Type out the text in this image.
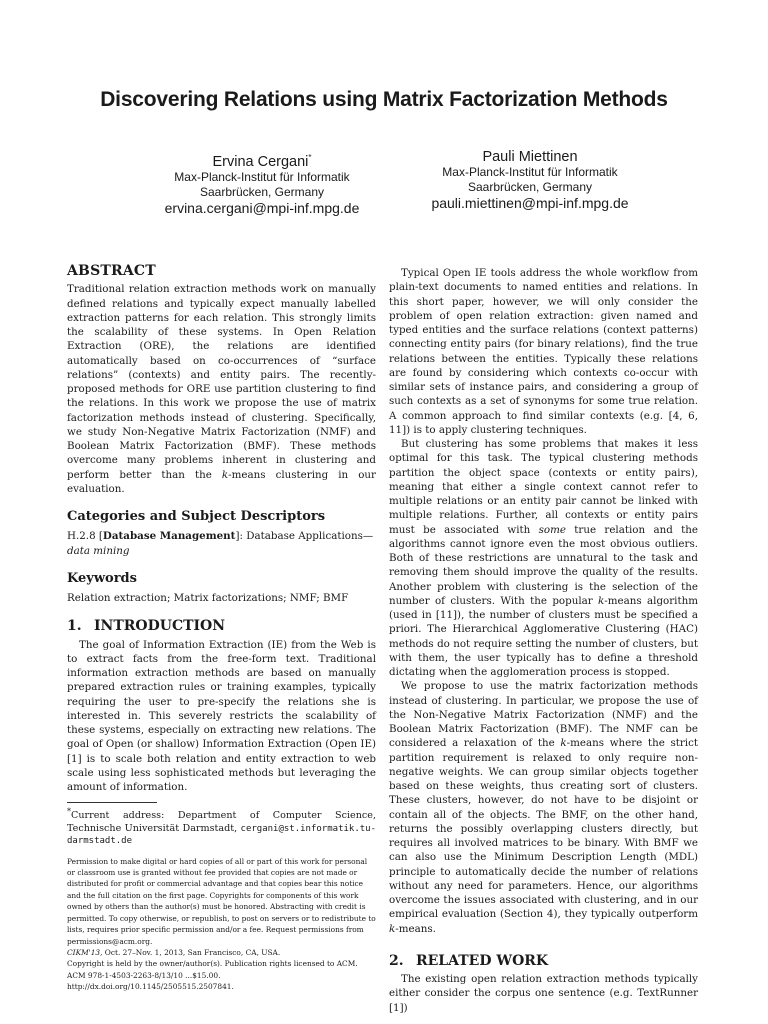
Discovering Relations using Matrix Factorization Methods
Ervina Cergani*
Max-Planck-Institut für Informatik
Saarbrücken, Germany
ervina.cergani@mpi-inf.mpg.de
Pauli Miettinen
Max-Planck-Institut für Informatik
Saarbrücken, Germany
pauli.miettinen@mpi-inf.mpg.de
ABSTRACT

Traditional relation extraction methods work on manually defined relations and typically expect manually labelled extraction patterns for each relation. This strongly limits the scalability of these systems. In Open Relation Extraction (ORE), the relations are identified automatically based on co-occurrences of “surface relations” (contexts) and entity pairs. The recently-proposed methods for ORE use partition clustering to find the relations. In this work we propose the use of matrix factorization methods instead of clustering. Specifically, we study Non-Negative Matrix Factorization (NMF) and Boolean Matrix Factorization (BMF). These methods overcome many problems inherent in clustering and perform better than the k-means clustering in our evaluation.

Categories and Subject Descriptors

H.2.8 [Database Management]: Database Applications—data mining

Keywords

Relation extraction; Matrix factorizations; NMF; BMF

1. INTRODUCTION

The goal of Information Extraction (IE) from the Web is to extract facts from the free-form text. Traditional information extraction methods are based on manually prepared extraction rules or training examples, typically requiring the user to pre-specify the relations she is interested in. This severely restricts the scalability of these systems, especially on extracting new relations. The goal of Open (or shallow) Information Extraction (Open IE) [1] is to scale both relation and entity extraction to web scale using less sophisticated methods but leveraging the amount of information.

*Current address: Department of Computer Science, Technische Universität Darmstadt, cergani@st.informatik.tu-darmstadt.de

Permission to make digital or hard copies of all or part of this work for personal or classroom use is granted without fee provided that copies are not made or distributed for profit or commercial advantage and that copies bear this notice and the full citation on the first page. Copyrights for components of this work owned by others than the author(s) must be honored. Abstracting with credit is permitted. To copy otherwise, or republish, to post on servers or to redistribute to lists, requires prior specific permission and/or a fee. Request permissions from permissions@acm.org.
CIKM'13, Oct. 27–Nov. 1, 2013, San Francisco, CA, USA.
Copyright is held by the owner/author(s). Publication rights licensed to ACM.
ACM 978-1-4503-2263-8/13/10 ...$15.00.
http://dx.doi.org/10.1145/2505515.2507841.

Typical Open IE tools address the whole workflow from plain-text documents to named entities and relations. In this short paper, however, we will only consider the problem of open relation extraction: given named and typed entities and the surface relations (context patterns) connecting entity pairs (for binary relations), find the true relations between the entities. Typically these relations are found by considering which contexts co-occur with similar sets of instance pairs, and considering a group of such contexts as a set of synonyms for some true relation. A common approach to find similar contexts (e.g. [4, 6, 11]) is to apply clustering techniques.

But clustering has some problems that makes it less optimal for this task. The typical clustering methods partition the object space (contexts or entity pairs), meaning that either a single context cannot refer to multiple relations or an entity pair cannot be linked with multiple relations. Further, all contexts or entity pairs must be associated with some true relation and the algorithms cannot ignore even the most obvious outliers. Both of these restrictions are unnatural to the task and removing them should improve the quality of the results. Another problem with clustering is the selection of the number of clusters. With the popular k-means algorithm (used in [11]), the number of clusters must be specified a priori. The Hierarchical Agglomerative Clustering (HAC) methods do not require setting the number of clusters, but with them, the user typically has to define a threshold dictating when the agglomeration process is stopped.

We propose to use the matrix factorization methods instead of clustering. In particular, we propose the use of the Non-Negative Matrix Factorization (NMF) and the Boolean Matrix Factorization (BMF). The NMF can be considered a relaxation of the k-means where the strict partition requirement is relaxed to only require non-negative weights. We can group similar objects together based on these weights, thus creating sort of clusters. These clusters, however, do not have to be disjoint or contain all of the objects. The BMF, on the other hand, returns the possibly overlapping clusters directly, but requires all involved matrices to be binary. With BMF we can also use the Minimum Description Length (MDL) principle to automatically decide the number of relations without any need for parameters. Hence, our algorithms overcome the issues associated with clustering, and in our empirical evaluation (Section 4), they typically outperform k-means.

2. RELATED WORK

The existing open relation extraction methods typically either consider the corpus one sentence (e.g. TextRunner [1])
